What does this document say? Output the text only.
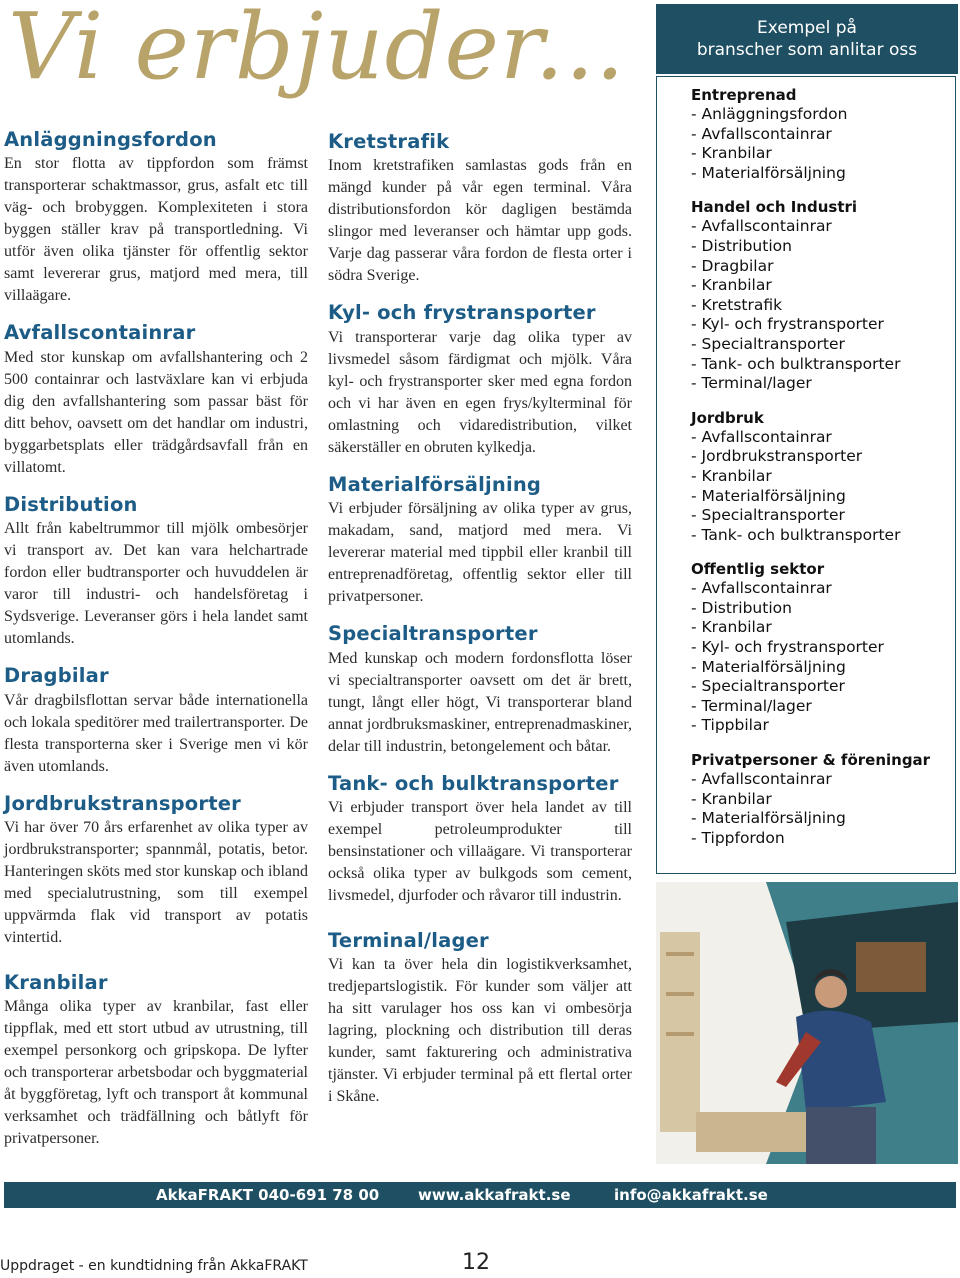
Vi erbjuder...
Anläggningsfordon

En stor flotta av tippfordon som främst transporterar schaktmassor, grus, asfalt etc till väg- och brobyggen. Komplexiteten i stora byggen ställer krav på transportledning. Vi utför även olika tjänster för offentlig sektor samt levererar grus, matjord med mera, till villaägare.

Avfallscontainrar

Med stor kunskap om avfallshantering och 2 500 containrar och lastväxlare kan vi erbjuda dig den avfallshantering som passar bäst för ditt behov, oavsett om det handlar om industri, byggarbetsplats eller trädgårdsavfall från en villatomt.

Distribution

Allt från kabeltrummor till mjölk ombesörjer vi transport av. Det kan vara helchartrade fordon eller budtransporter och huvuddelen är varor till industri- och handelsföretag i Sydsverige. Leveranser görs i hela landet samt utomlands.

Dragbilar

Vår dragbilsflottan servar både internationella och lokala speditörer med trailertransporter. De flesta transporterna sker i Sverige men vi kör även utomlands.

Jordbrukstransporter

Vi har över 70 års erfarenhet av olika typer av jordbrukstransporter; spannmål, potatis, betor. Hanteringen sköts med stor kunskap och ibland med specialutrustning, som till exempel uppvärmda flak vid transport av potatis vintertid.

Kranbilar

Många olika typer av kranbilar, fast eller tippflak, med ett stort utbud av utrustning, till exempel personkorg och gripskopa. De lyfter och transporterar arbetsbodar och byggmaterial åt byggföretag, lyft och transport åt kommunal verksamhet och trädfällning och båtlyft för privatpersoner.

Kretstrafik

Inom kretstrafiken samlastas gods från en mängd kunder på vår egen terminal. Våra distributionsfordon kör dagligen bestämda slingor med leveranser och hämtar upp gods. Varje dag passerar våra fordon de flesta orter i södra Sverige.

Kyl- och frystransporter

Vi transporterar varje dag olika typer av livsmedel såsom färdigmat och mjölk. Våra kyl- och frystransporter sker med egna fordon och vi har även en egen frys/kylterminal för omlastning och vidaredistribution, vilket säkerställer en obruten kylkedja.

Materialförsäljning

Vi erbjuder försäljning av olika typer av grus, makadam, sand, matjord med mera. Vi levererar material med tippbil eller kranbil till entreprenadföretag, offentlig sektor eller till privatpersoner.

Specialtransporter

Med kunskap och modern fordonsflotta löser vi specialtransporter oavsett om det är brett, tungt, långt eller högt, Vi transporterar bland annat jordbruksmaskiner, entreprenadmaskiner, delar till industrin, betongelement och båtar.

Tank- och bulktransporter

Vi erbjuder transport över hela landet av till exempel petroleumprodukter till bensinstationer och villaägare. Vi transporterar också olika typer av bulkgods som cement, livsmedel, djurfoder och råvaror till industrin.

Terminal/lager

Vi kan ta över hela din logistikverksamhet, tredjepartslogistik. För kunder som väljer att ha sitt varulager hos oss kan vi ombesörja lagring, plockning och distribution till deras kunder, samt fakturering och administrativa tjänster. Vi erbjuder terminal på ett flertal orter i Skåne.

Exempel på
branscher som anlitar oss
Entreprenad
- Anläggningsfordon
- Avfallscontainrar
- Kranbilar
- Materialförsäljning
Handel och Industri
- Avfallscontainrar
- Distribution
- Dragbilar
- Kranbilar
- Kretstrafik
- Kyl- och frystransporter
- Specialtransporter
- Tank- och bulktransporter
- Terminal/lager
Jordbruk
- Avfallscontainrar
- Jordbrukstransporter
- Kranbilar
- Materialförsäljning
- Specialtransporter
- Tank- och bulktransporter
Offentlig sektor
- Avfallscontainrar
- Distribution
- Kranbilar
- Kyl- och frystransporter
- Materialförsäljning
- Specialtransporter
- Terminal/lager
- Tippbilar
Privatpersoner & föreningar
- Avfallscontainrar
- Kranbilar
- Materialförsäljning
- Tippfordon
AkkaFRAKT 040-691 78 00	www.akkafrakt.se	info@akkafrakt.se
Uppdraget - en kundtidning från AkkaFRAKT	12
